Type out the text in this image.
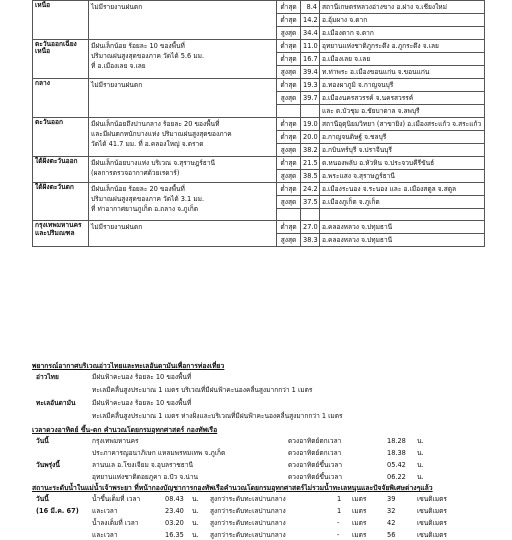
เหนือ	ไม่มีรายงานฝนตก	ต่ำสุด	8.4	สถานีเกษตรหลวงอ่างขาง อ.ฝาง จ.เชียงใหม่
		ต่ำสุด	14.2	อ.อุ้มผาง จ.ตาก
		สูงสุด	34.4	อ.เมืองตาก จ.ตาก
ตะวันออกเฉียงเหนือ	มีฝนเล็กน้อย ร้อยละ 10 ของพื้นที่
ปริมาณฝนสูงสุดของภาค วัดได้ 5.6 มม.
ที่ อ.เมืองเลย จ.เลย	ต่ำสุด	11.0	อุทยานแห่งชาติภูกระดึง อ.ภูกระดึง จ.เลย
		ต่ำสุด	16.7	อ.เมืองเลย จ.เลย
		สูงสุด	39.4	ท.ท่าพระ อ.เมืองขอนแก่น จ.ขอนแก่น
กลาง	ไม่มีรายงานฝนตก	ต่ำสุด	19.3	อ.ทองผาภูมิ จ.กาญจนบุรี
		สูงสุด	39.7	อ.เมืองนครสวรรค์ จ.นครสวรรค์
				และ ต.บัวชุม อ.ชัยบาดาล จ.ลพบุรี
ตะวันออก	มีฝนเล็กน้อยถึงปานกลาง ร้อยละ 20 ของพื้นที่
และมีฝนตกหนักบางแห่ง ปริมาณฝนสูงสุดของภาค
วัดได้ 41.7 มม. ที่ อ.คลองใหญ่ จ.ตราด	ต่ำสุด	19.0	สถานีอุตุนิยมวิทยา (สาขายิง) อ.เมืองสระแก้ว จ.สระแก้ว
		ต่ำสุด	20.0	อ.กาญจนดิษฐ์ จ.ชลบุรี
		สูงสุด	38.2	อ.กบินทร์บุรี จ.ปราจีนบุรี
ใต้ฝั่งตะวันออก	มีฝนเล็กน้อยบางแห่ง บริเวณ จ.สุราษฎร์ธานี
(ผลการตรวจอากาศด้วยเรดาร์)	ต่ำสุด	21.5	ต.หนองพลับ อ.หัวหิน จ.ประจวบคีรีขันธ์
		สูงสุด	38.5	อ.พระแสง จ.สุราษฎร์ธานี
ใต้ฝั่งตะวันตก	มีฝนเล็กน้อย ร้อยละ 20 ของพื้นที่
ปริมาณฝนสูงสุดของภาค วัดได้ 3.1 มม.
ที่ ท่าอากาศยานภูเก็ต อ.ถลาง จ.ภูเก็ต	ต่ำสุด	24.2	อ.เมืองระนอง จ.ระนอง และ อ.เมืองสตูล จ.สตูล
		สูงสุด	37.5	อ.เมืองภูเก็ต จ.ภูเก็ต

กรุงเทพมหานคร และปริมณฑล	ไม่มีรายงานฝนตก	ต่ำสุด	27.0	อ.คลองหลวง จ.ปทุมธานี
		สูงสุด	38.3	อ.คลองหลวง จ.ปทุมธานี
พยากรณ์อากาศบริเวณอ่าวไทยและทะเลอันดามันเพื่อการท่องเที่ยว
อ่าวไทย	มีฝนฟ้าคะนอง ร้อยละ 10 ของพื้นที่
ทะเลมีคลื่นสูงประมาณ 1 เมตร บริเวณที่มีฝนฟ้าคะนองคลื่นสูงมากกว่า 1 เมตร
ทะเลอันดามัน	มีฝนฟ้าคะนอง ร้อยละ 10 ของพื้นที่
ทะเลมีคลื่นสูงประมาณ 1 เมตร ห่างฝั่งและบริเวณที่มีฝนฟ้าคะนองคลื่นสูงมากกว่า 1 เมตร
เวลาดวงอาทิตย์ ขึ้น-ตก คำนวณโดยกรมอุทกศาสตร์ กองทัพเรือ
วันนี้	กรุงเทพมหานคร	ดวงอาทิตย์ตกเวลา	18.28 น.
ประภาคารญอนาภิเษก แหลมพรหมเทพ จ.ภูเก็ต	ดวงอาทิตย์ตกเวลา	18.38 น.
วันพรุ่งนี้	ลานนเล อ.โขงเจียม จ.อุบลราชธานี	ดวงอาทิตย์ขึ้นเวลา	05.42 น.
อุทยานแห่งชาติดอยภูคา อ.ปัว จ.น่าน	ดวงอาทิตย์ขึ้นเวลา	06.22 น.
สถานะระดับน้ำในแม่น้ำเจ้าพระยา ที่หน้ากองบัญชาการกองทัพเรือคำนวณโดยกรมอุทกศาสตร์ไม่รวมน้ำทะเลหนุนและปัจจัยพิเศษต่างๆแล้ว
วันนี้	น้ำขึ้นเต็มที่ เวลา	08.43 น. สูงกว่าระดับทะเลปานกลาง	1 เมตร	39	เซนติเมตร
(16 มี.ค. 67) และเวลา	23.40 น. สูงกว่าระดับทะเลปานกลาง	1 เมตร	32	เซนติเมตร
น้ำลงเต็มที่ เวลา	03.20 น. สูงกว่าระดับทะเลปานกลาง	- เมตร	42	เซนติเมตร
และเวลา	16.35 น. สูงกว่าระดับทะเลปานกลาง	- เมตร	56	เซนติเมตร
